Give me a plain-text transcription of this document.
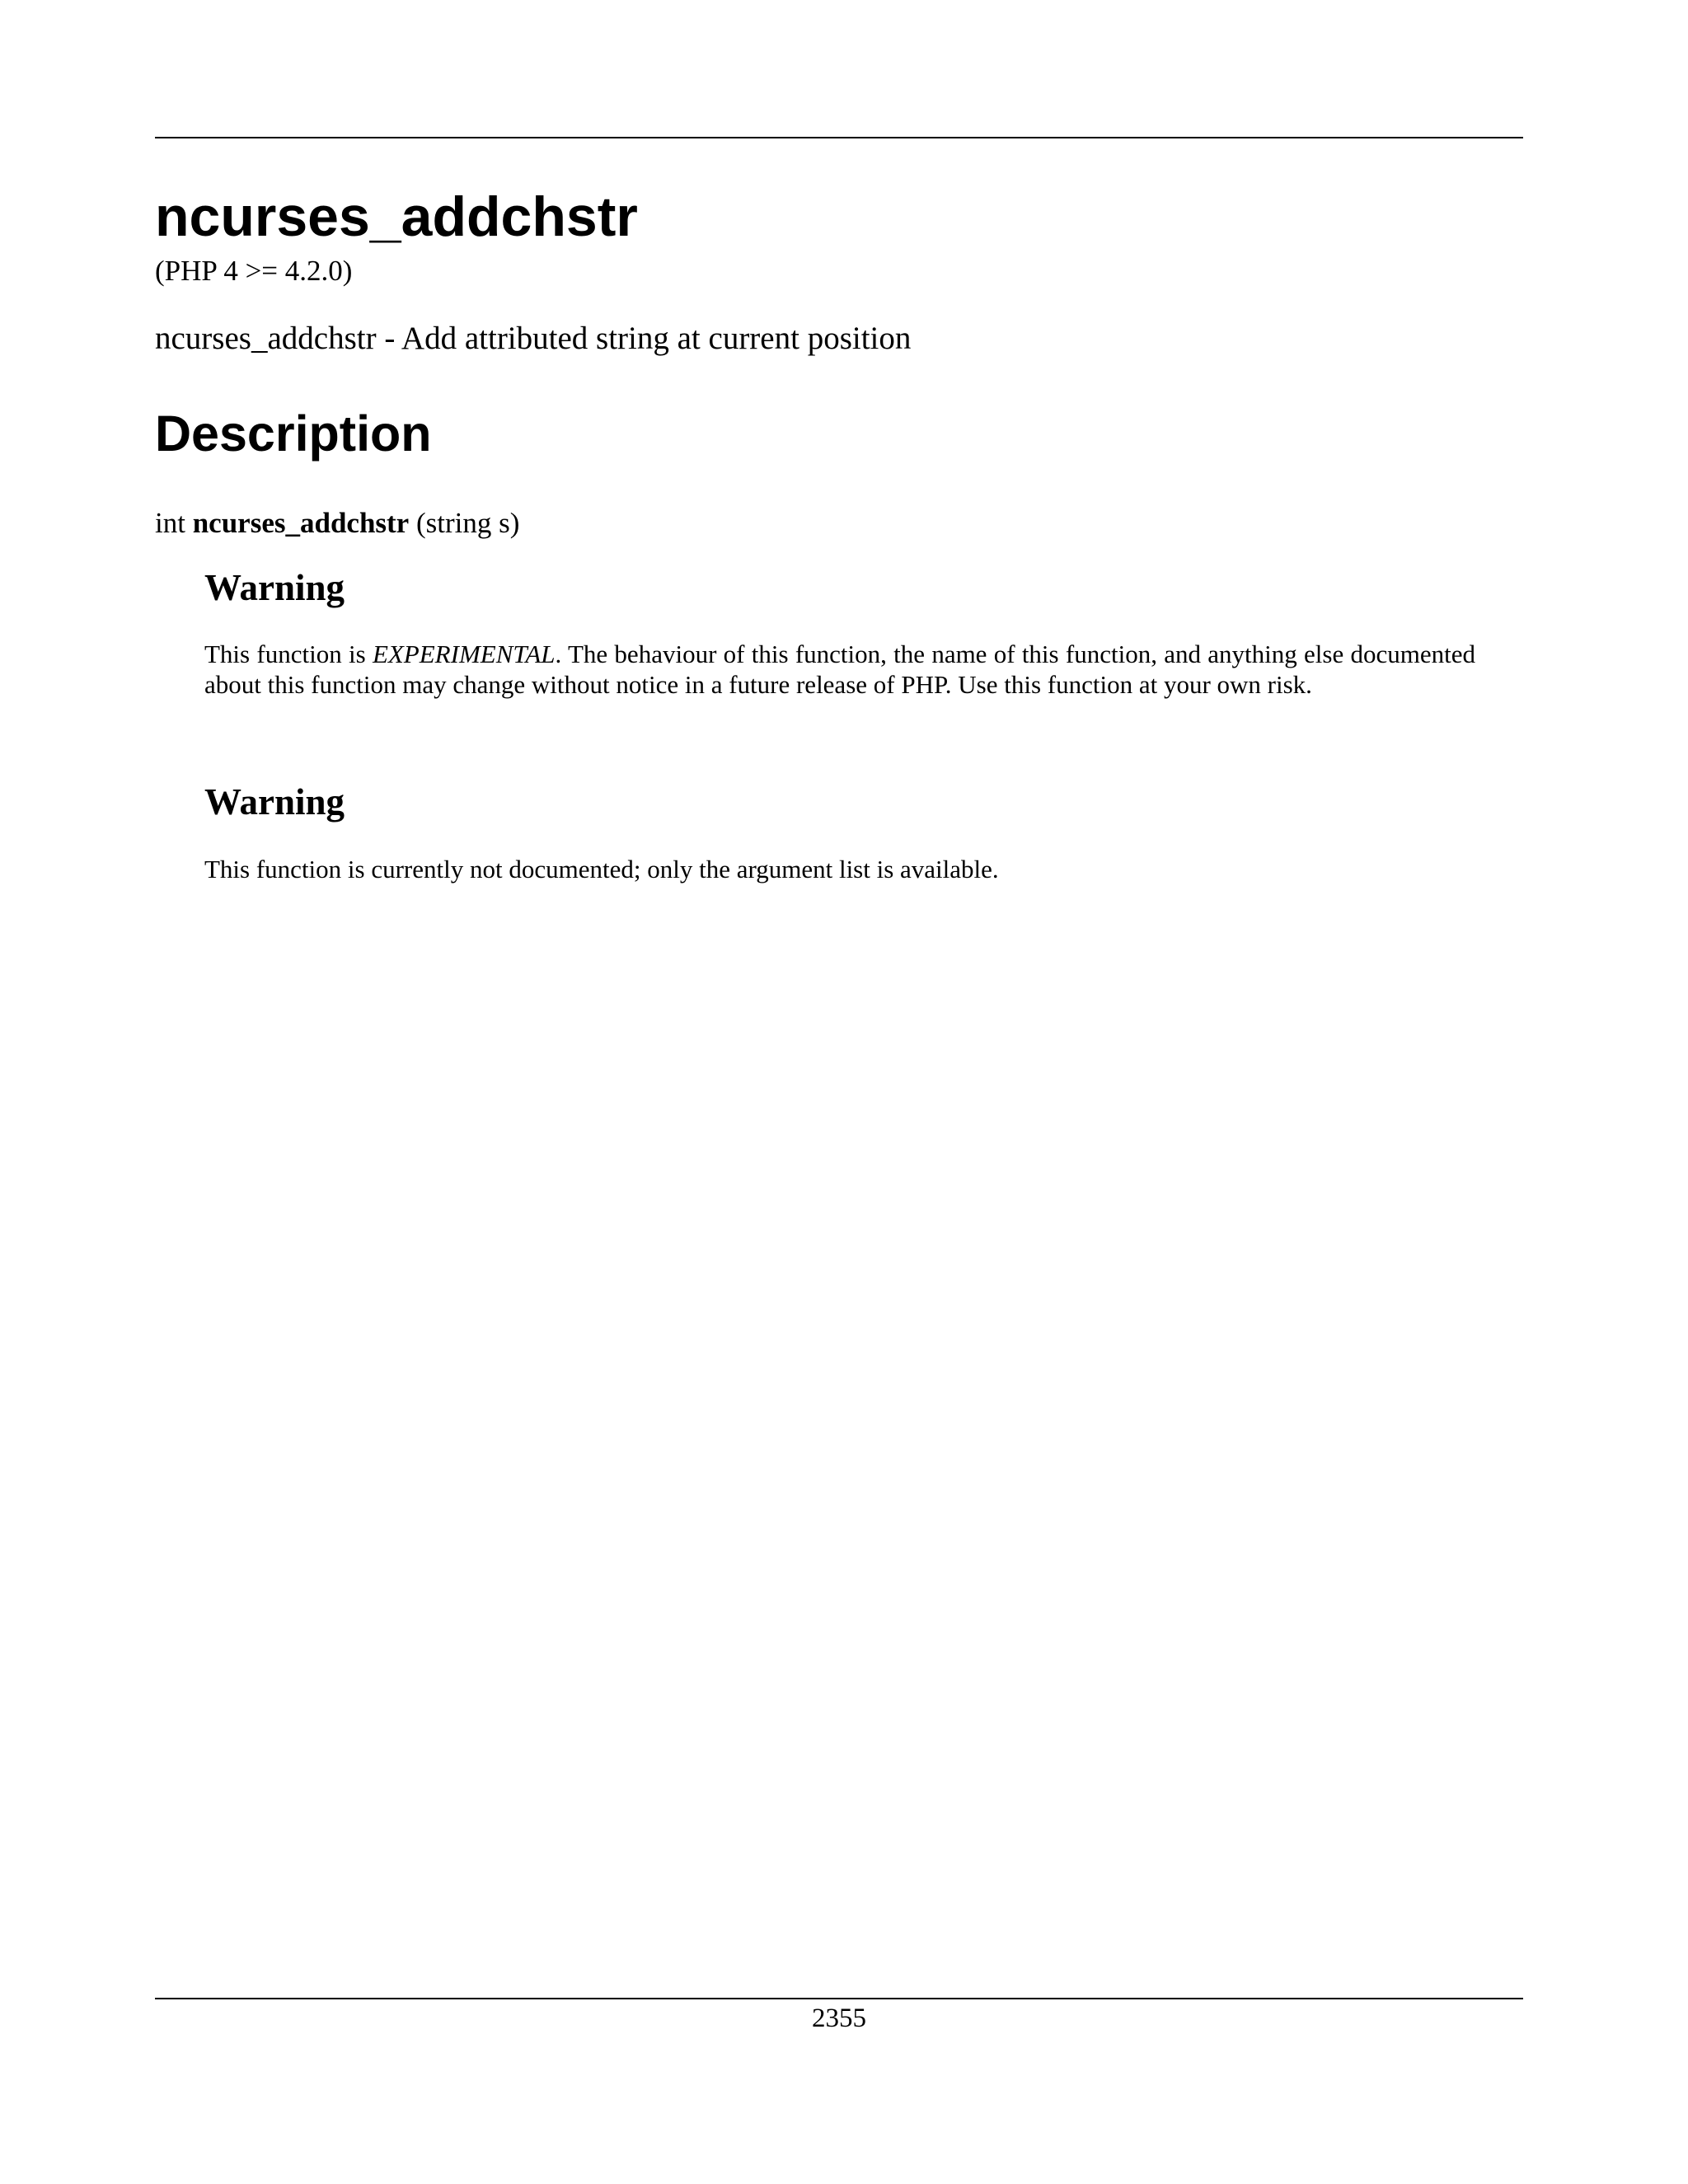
ncurses_addchstr
(PHP 4 >= 4.2.0)
ncurses_addchstr - Add attributed string at current position
Description
int ncurses_addchstr (string s)
Warning
This function is EXPERIMENTAL. The behaviour of this function, the name of this function, and anything else documented about this function may change without notice in a future release of PHP. Use this function at your own risk.
Warning
This function is currently not documented; only the argument list is available.
2355
